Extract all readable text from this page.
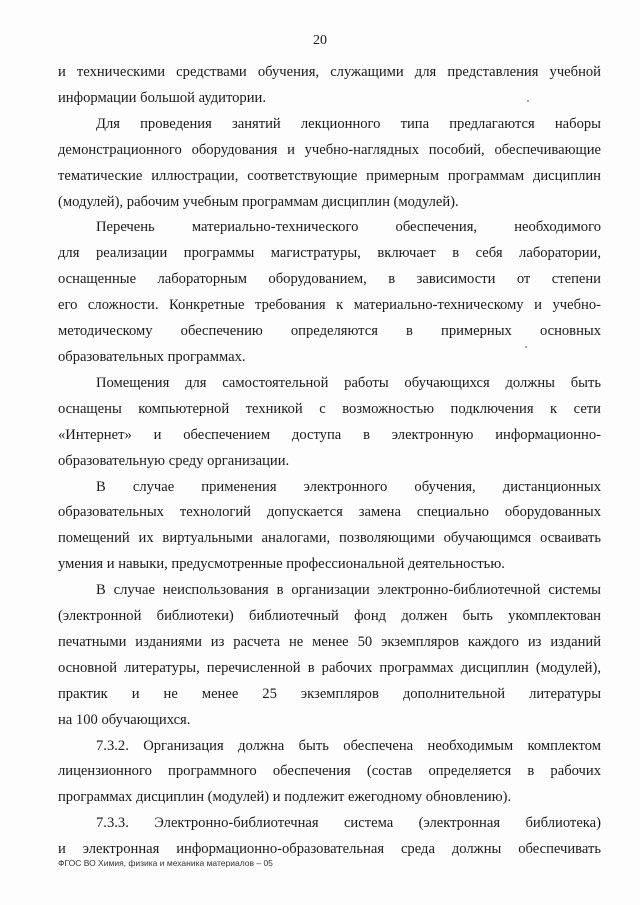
20
и техническими средствами обучения, служащими для представления учебной
информации большой аудитории.
Для проведения занятий лекционного типа предлагаются наборы
демонстрационного оборудования и учебно-наглядных пособий, обеспечивающие
тематические иллюстрации, соответствующие примерным программам дисциплин
(модулей), рабочим учебным программам дисциплин (модулей).
Перечень материально-технического обеспечения, необходимого
для реализации программы магистратуры, включает в себя лаборатории,
оснащенные лабораторным оборудованием, в зависимости от степени
его сложности. Конкретные требования к материально-техническому и учебно-
методическому обеспечению определяются в примерных основных
образовательных программах.
Помещения для самостоятельной работы обучающихся должны быть
оснащены компьютерной техникой с возможностью подключения к сети
«Интернет» и обеспечением доступа в электронную информационно-
образовательную среду организации.
В случае применения электронного обучения, дистанционных
образовательных технологий допускается замена специально оборудованных
помещений их виртуальными аналогами, позволяющими обучающимся осваивать
умения и навыки, предусмотренные профессиональной деятельностью.
В случае неиспользования в организации электронно-библиотечной системы
(электронной библиотеки) библиотечный фонд должен быть укомплектован
печатными изданиями из расчета не менее 50 экземпляров каждого из изданий
основной литературы, перечисленной в рабочих программах дисциплин (модулей),
практик и не менее 25 экземпляров дополнительной литературы
на 100 обучающихся.
7.3.2. Организация должна быть обеспечена необходимым комплектом
лицензионного программного обеспечения (состав определяется в рабочих
программах дисциплин (модулей) и подлежит ежегодному обновлению).
7.3.3. Электронно-библиотечная система (электронная библиотека)
и электронная информационно-образовательная среда должны обеспечивать
ФГОС ВО Химия, физика и механика материалов – 05
